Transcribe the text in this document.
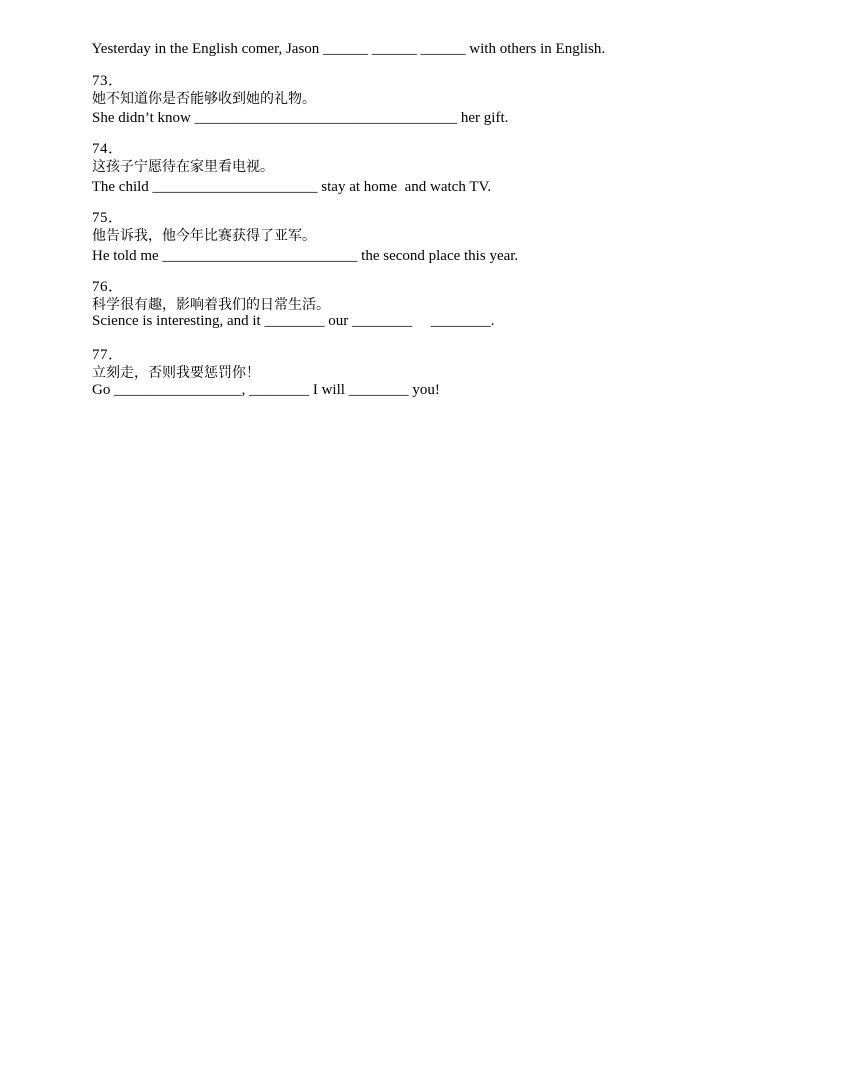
Yesterday in the English comer, Jason ______ ______ ______ with others in English.

73．
她不知道你是否能够收到她的礼物。

She didn’t know ___________________________________ her gift.

74．
这孩子宁愿待在家里看电视。

The child ______________________ stay at home  and watch TV.

75．
他告诉我，他今年比赛获得了亚军。

He told me __________________________ the second place this year.

76．
科学很有趣，影响着我们的日常生活。

Science is interesting, and it ________ our ________     ________.

77．
立刻走，否则我要惩罚你！

Go _________________, ________ I will ________ you!
